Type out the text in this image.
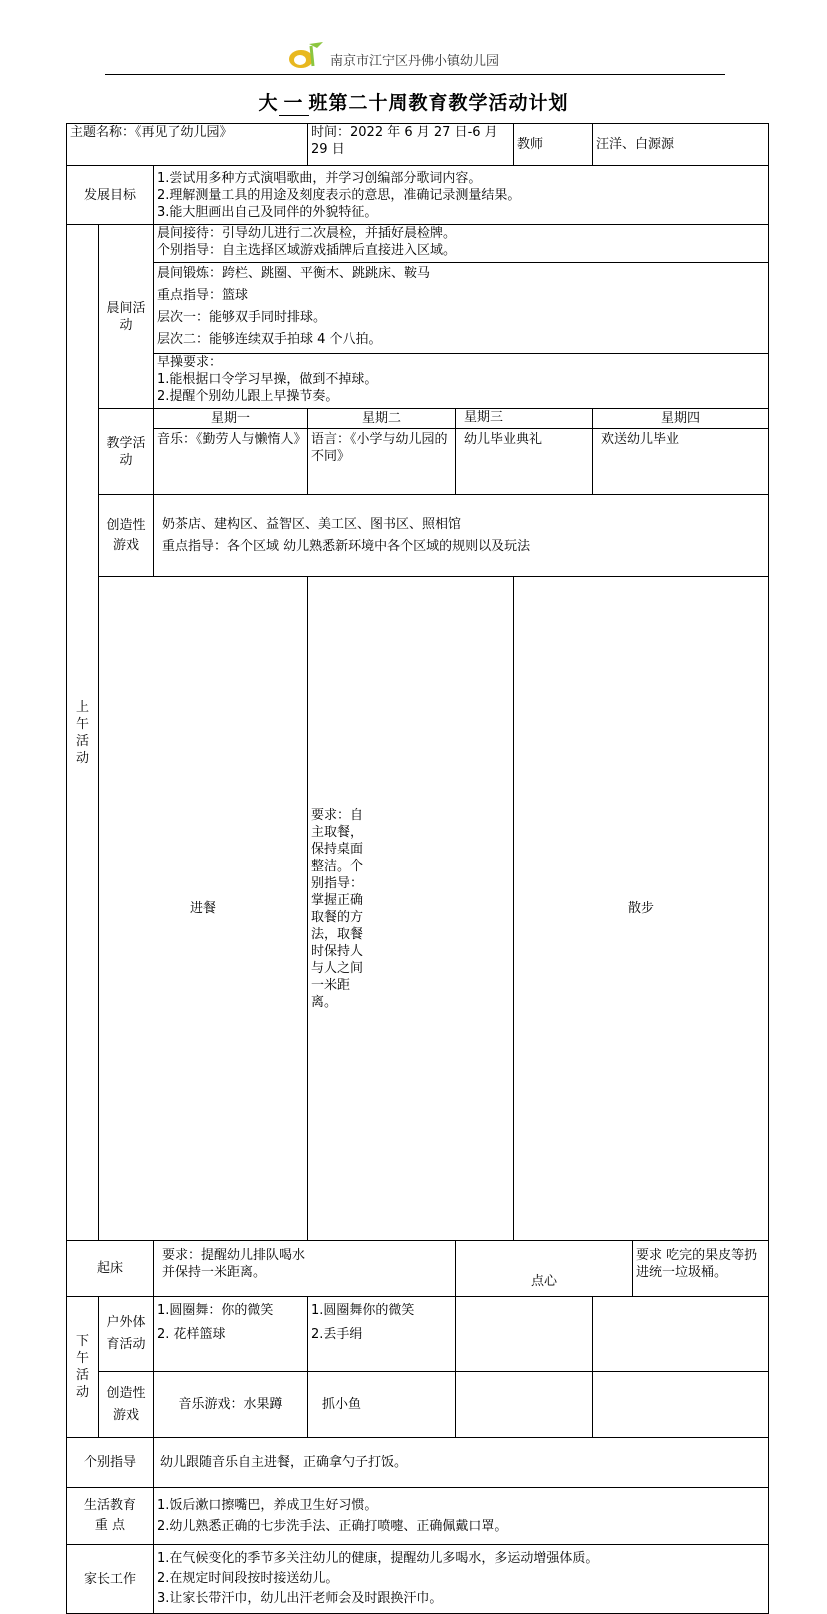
南京市江宁区丹佛小镇幼儿园
大 一 班第二十周教育教学活动计划
主题名称：《再见了幼儿园》			时间：2022 年 6 月 27 日-6 月 29 日		教师	汪洋、白源源		
发展目标		1.尝试用多种方式演唱歌曲，并学习创编部分歌词内容。
2.理解测量工具的用途及刻度表示的意思，准确记录测量结果。
3.能大胆画出自己及同伴的外貌特征。						

上午活动	晨间活动	晨间接待：引导幼儿进行二次晨检，并插好晨检牌。
个别指导：自主选择区域游戏插牌后直接进入区域。						

		晨间锻炼：跨栏、跳圈、平衡木、跳跳床、鞍马
重点指导：篮球
层次一：能够双手同时排球。
层次二：能够连续双手拍球 4 个八拍。						

		早操要求：
1.能根据口令学习早操，做到不掉球。
2.提醒个别幼儿跟上早操节奏。						

	教学活动	星期一	星期二	星期三		星期四		
		音乐：《勤劳人与懒惰人》	语言：《小学与幼儿园的不同》	幼儿毕业典礼		欢送幼儿毕业		
	创造性游戏	奶茶店、建构区、益智区、美工区、图书区、照相馆
重点指导：各个区域 幼儿熟悉新环境中各个区域的规则以及玩法						

	进餐		要求：自主取餐，保持桌面整洁。个别指导：掌握正确取餐的方法，取餐时保持人与人之间一米距离。		散步	
起床		要求：提醒幼儿排队喝水并保持一米距离。		点心			要求 吃完的果皮等扔进统一垃圾桶。	
下午活动	户外体育活动	1.圆圈舞：你的微笑
2. 花样篮球	1.圆圈舞你的微笑
2.丢手绢					

	创造性游戏	音乐游戏：水果蹲	抓小鱼					
个别指导		幼儿跟随音乐自主进餐，正确拿勺子打饭。						
生活教育重 点		1.饭后漱口擦嘴巴，养成卫生好习惯。
2.幼儿熟悉正确的七步洗手法、正确打喷嚏、正确佩戴口罩。						

家长工作		1.在气候变化的季节多关注幼儿的健康，提醒幼儿多喝水，多运动增强体质。
2.在规定时间段按时接送幼儿。
3.让家长带汗巾，幼儿出汗老师会及时跟换汗巾。						
